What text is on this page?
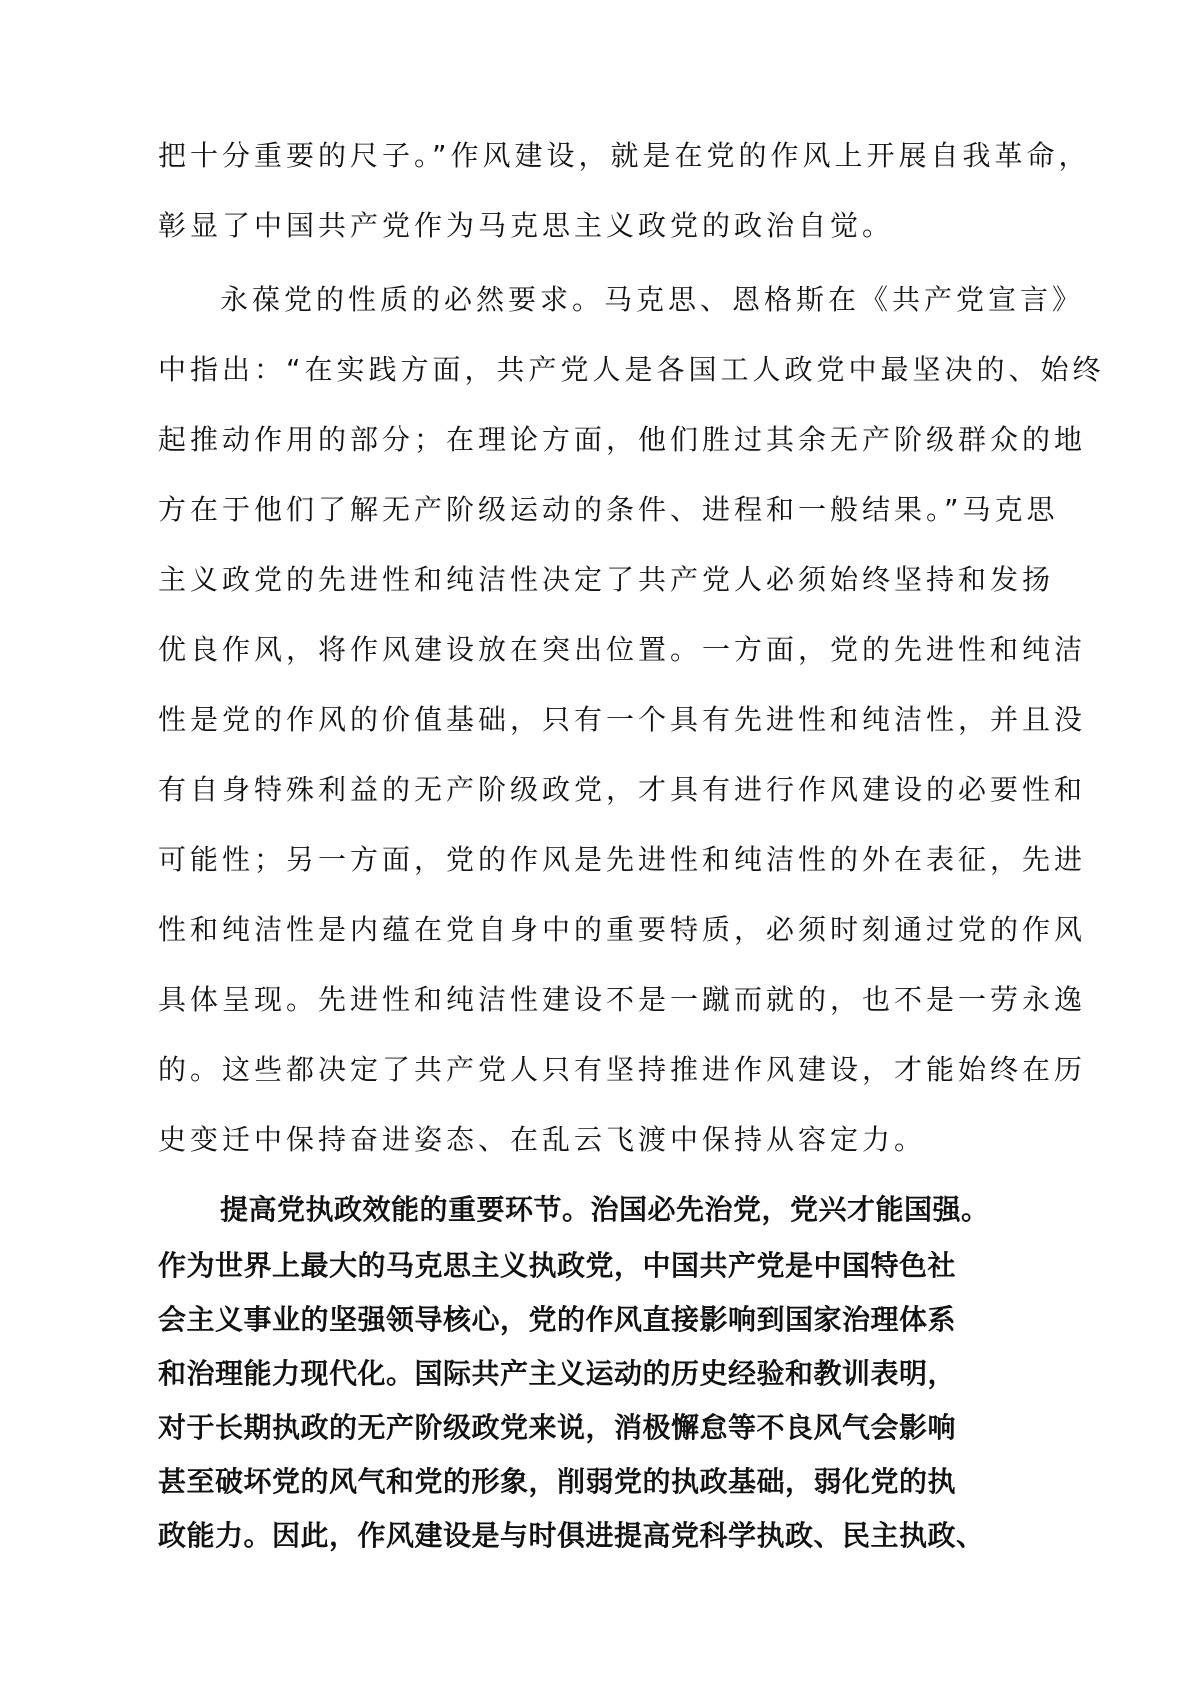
把十分重要的尺子。”作风建设，就是在党的作风上开展自我革命，
彰显了中国共产党作为马克思主义政党的政治自觉。
永葆党的性质的必然要求。马克思、恩格斯在《共产党宣言》
中指出：“在实践方面，共产党人是各国工人政党中最坚决的、始终
起推动作用的部分；在理论方面，他们胜过其余无产阶级群众的地
方在于他们了解无产阶级运动的条件、进程和一般结果。”马克思
主义政党的先进性和纯洁性决定了共产党人必须始终坚持和发扬
优良作风，将作风建设放在突出位置。一方面，党的先进性和纯洁
性是党的作风的价值基础，只有一个具有先进性和纯洁性，并且没
有自身特殊利益的无产阶级政党，才具有进行作风建设的必要性和
可能性；另一方面，党的作风是先进性和纯洁性的外在表征，先进
性和纯洁性是内蕴在党自身中的重要特质，必须时刻通过党的作风
具体呈现。先进性和纯洁性建设不是一蹴而就的，也不是一劳永逸
的。这些都决定了共产党人只有坚持推进作风建设，才能始终在历
史变迁中保持奋进姿态、在乱云飞渡中保持从容定力。
提高党执政效能的重要环节。治国必先治党，党兴才能国强。
作为世界上最大的马克思主义执政党，中国共产党是中国特色社
会主义事业的坚强领导核心，党的作风直接影响到国家治理体系
和治理能力现代化。国际共产主义运动的历史经验和教训表明，
对于长期执政的无产阶级政党来说，消极懈怠等不良风气会影响
甚至破坏党的风气和党的形象，削弱党的执政基础，弱化党的执
政能力。因此，作风建设是与时俱进提高党科学执政、民主执政、
